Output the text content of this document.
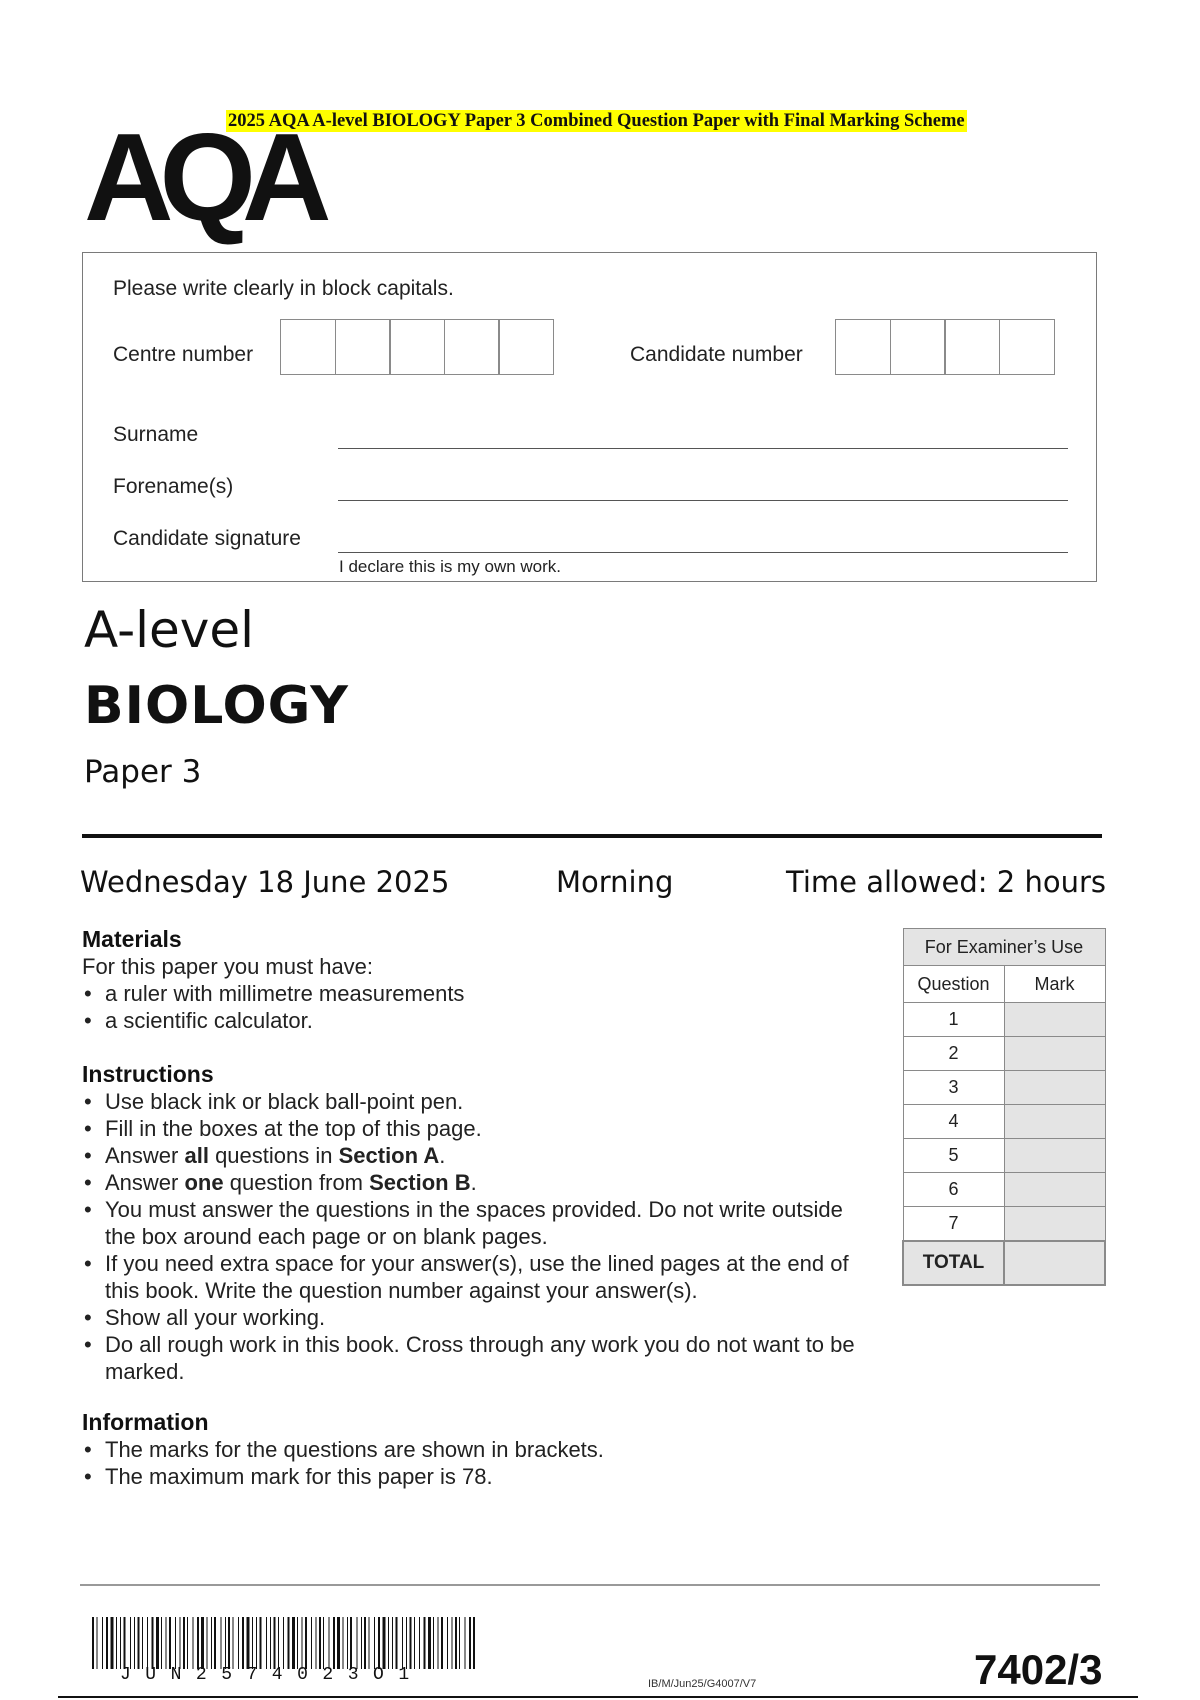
2025 AQA A-level BIOLOGY Paper 3 Combined Question Paper with Final Marking Scheme
AQA
Please write clearly in block capitals.
Centre number	Candidate number
Surname
Forename(s)
Candidate signature
I declare this is my own work.
A-level
BIOLOGY
Paper 3
Wednesday 18 June 2025	Morning	Time allowed: 2 hours
Materials

For this paper you must have:

• a ruler with millimetre measurements
• a scientific calculator.
Instructions
• Use black ink or black ball-point pen.
• Fill in the boxes at the top of this page.
• Answer all questions in Section A.
• Answer one question from Section B.
• You must answer the questions in the spaces provided. Do not write outside the box around each page or on blank pages.
• If you need extra space for your answer(s), use the lined pages at the end of this book. Write the question number against your answer(s).
• Show all your working.
• Do all rough work in this book. Cross through any work you do not want to be marked.
Information
• The marks for the questions are shown in brackets.
• The maximum mark for this paper is 78.
For Examiner’s Use	
Question	Mark
1	
2	
3	
4	
5	
6	
7	
TOTAL	
JUN2574023O1	IB/M/Jun25/G4007/V7	7402/3
